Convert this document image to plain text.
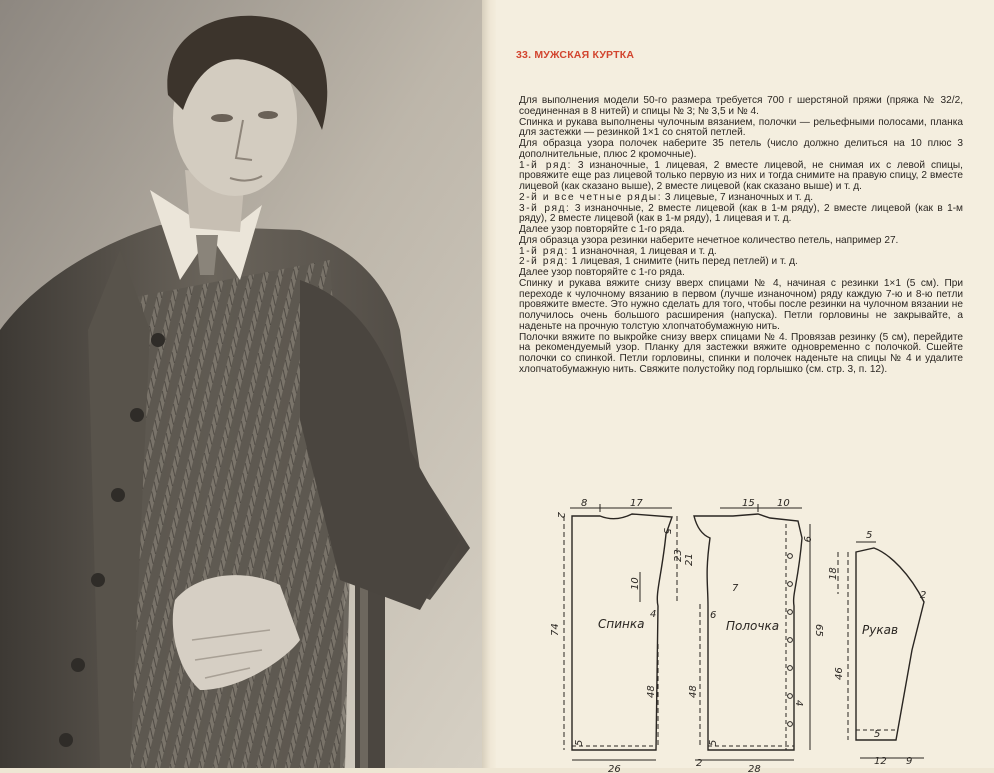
33. МУЖСКАЯ КУРТКА

Для выполнения модели 50-го размера требуется 700 г шерстяной пряжи (пряжа № 32/2, соединенная в 8 нитей) и спицы № 3; № 3,5 и № 4.

Спинка и рукава выполнены чулочным вязанием, полочки — рельефными полосами, планка для застежки — резинкой 1×1 со снятой петлей.

Для образца узора полочек наберите 35 петель (число должно делиться на 10 плюс 3 дополнительные, плюс 2 кромочные).

1-й ряд: 3 изнаночные, 1 лицевая, 2 вместе лицевой, не снимая их с левой спицы, провяжите еще раз лицевой только первую из них и тогда снимите на правую спицу, 2 вместе лицевой (как сказано выше), 2 вместе лицевой (как сказано выше) и т. д.

2-й и все четные ряды: 3 лицевые, 7 изнаночных и т. д.

3-й ряд: 3 изнаночные, 2 вместе лицевой (как в 1-м ряду), 2 вместе лицевой (как в 1-м ряду), 2 вместе лицевой (как в 1-м ряду), 1 лицевая и т. д.

Далее узор повторяйте с 1-го ряда.

Для образца узора резинки наберите нечетное количество петель, например 27.

1-й ряд: 1 изнаночная, 1 лицевая и т. д.

2-й ряд: 1 лицевая, 1 снимите (нить перед петлей) и т. д.

Далее узор повторяйте с 1-го ряда.

Спинку и рукава вяжите снизу вверх спицами № 4, начиная с резинки 1×1 (5 см). При переходе к чулочному вязанию в первом (лучше изнаночном) ряду каждую 7-ю и 8-ю петли провяжите вместе. Это нужно сделать для того, чтобы после резинки на чулочном вязании не получилось очень большого расширения (напуска). Петли горловины не закрывайте, а наденьте на прочную толстую хлопчатобумажную нить.

Полочки вяжите по выкройке снизу вверх спицами № 4. Провязав резинку (5 см), перейдите на рекомендуемый узор. Планку для застежки вяжите одновременно с полочкой. Сшейте полочки со спинкой. Петли горловины, спинки и полочек наденьте на спицы № 4 и удалите хлопчатобумажную нить. Свяжите полустойку под горлышко (см. стр. 3, п. 12).

Спинка	Полочка	Рукав
8	17
5
2
23
10
4
48
74
5
26
15 10
9
21
7
6
65
48
4
5
2
28
5
18
2
46
5
12 9
